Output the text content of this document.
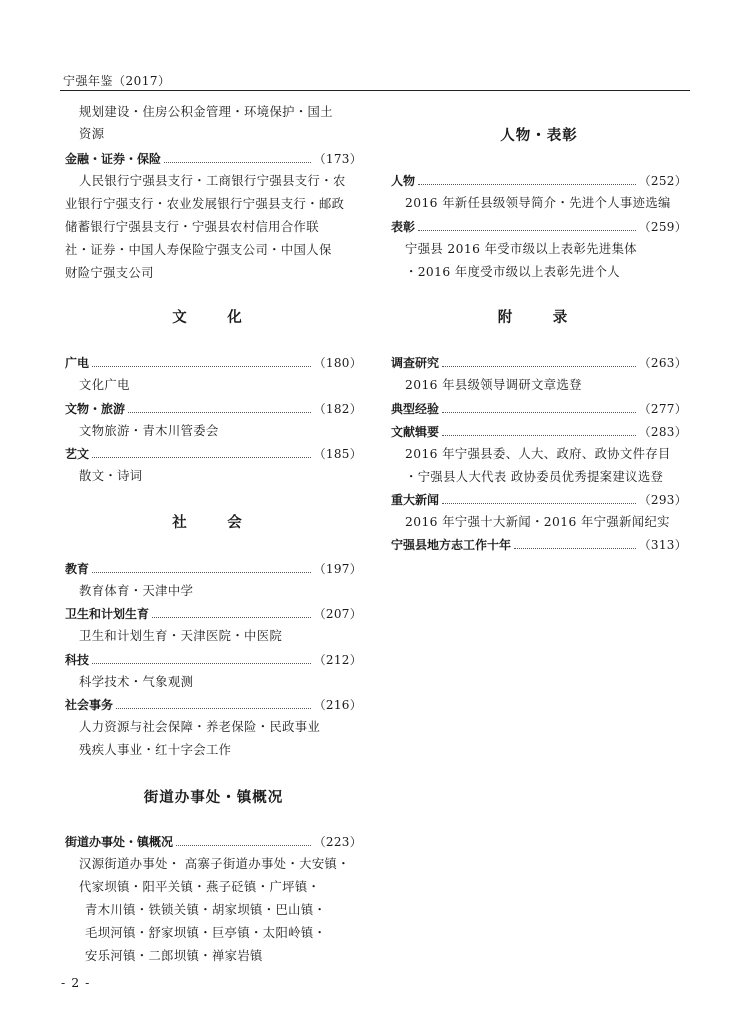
宁强年鉴（2017）
规划建设・住房公积金管理・环境保护・国土
资源
金融・证券・保险	（173）
人民银行宁强县支行・工商银行宁强县支行・农
业银行宁强支行・农业发展银行宁强县支行・邮政
储蓄银行宁强县支行・宁强县农村信用合作联
社・证券・中国人寿保险宁强支公司・中国人保
财险宁强支公司
文　化
广电	（180）
文化广电
文物・旅游	（182）
文物旅游・青木川管委会
艺文	（185）
散文・诗词
社　会
教育	（197）
教育体育・天津中学
卫生和计划生育	（207）
卫生和计划生育・天津医院・中医院
科技	（212）
科学技术・气象观测
社会事务	（216）
人力资源与社会保障・养老保险・民政事业
残疾人事业・红十字会工作
街道办事处・镇概况
街道办事处・镇概况	（223）
汉源街道办事处・ 高寨子街道办事处・大安镇・
代家坝镇・阳平关镇・燕子砭镇・广坪镇・
青木川镇・铁锁关镇・胡家坝镇・巴山镇・
毛坝河镇・舒家坝镇・巨亭镇・太阳岭镇・
安乐河镇・二郎坝镇・禅家岩镇
人物・表彰
人物	（252）
2016 年新任县级领导简介・先进个人事迹选编
表彰	（259）
宁强县 2016 年受市级以上表彰先进集体
・2016 年度受市级以上表彰先进个人
附　录
调查研究	（263）
2016 年县级领导调研文章选登
典型经验	（277）
文献辑要	（283）
2016 年宁强县委、人大、政府、政协文件存目
・宁强县人大代表 政协委员优秀提案建议选登
重大新闻	（293）
2016 年宁强十大新闻・2016 年宁强新闻纪实
宁强县地方志工作十年	（313）
- 2 -
